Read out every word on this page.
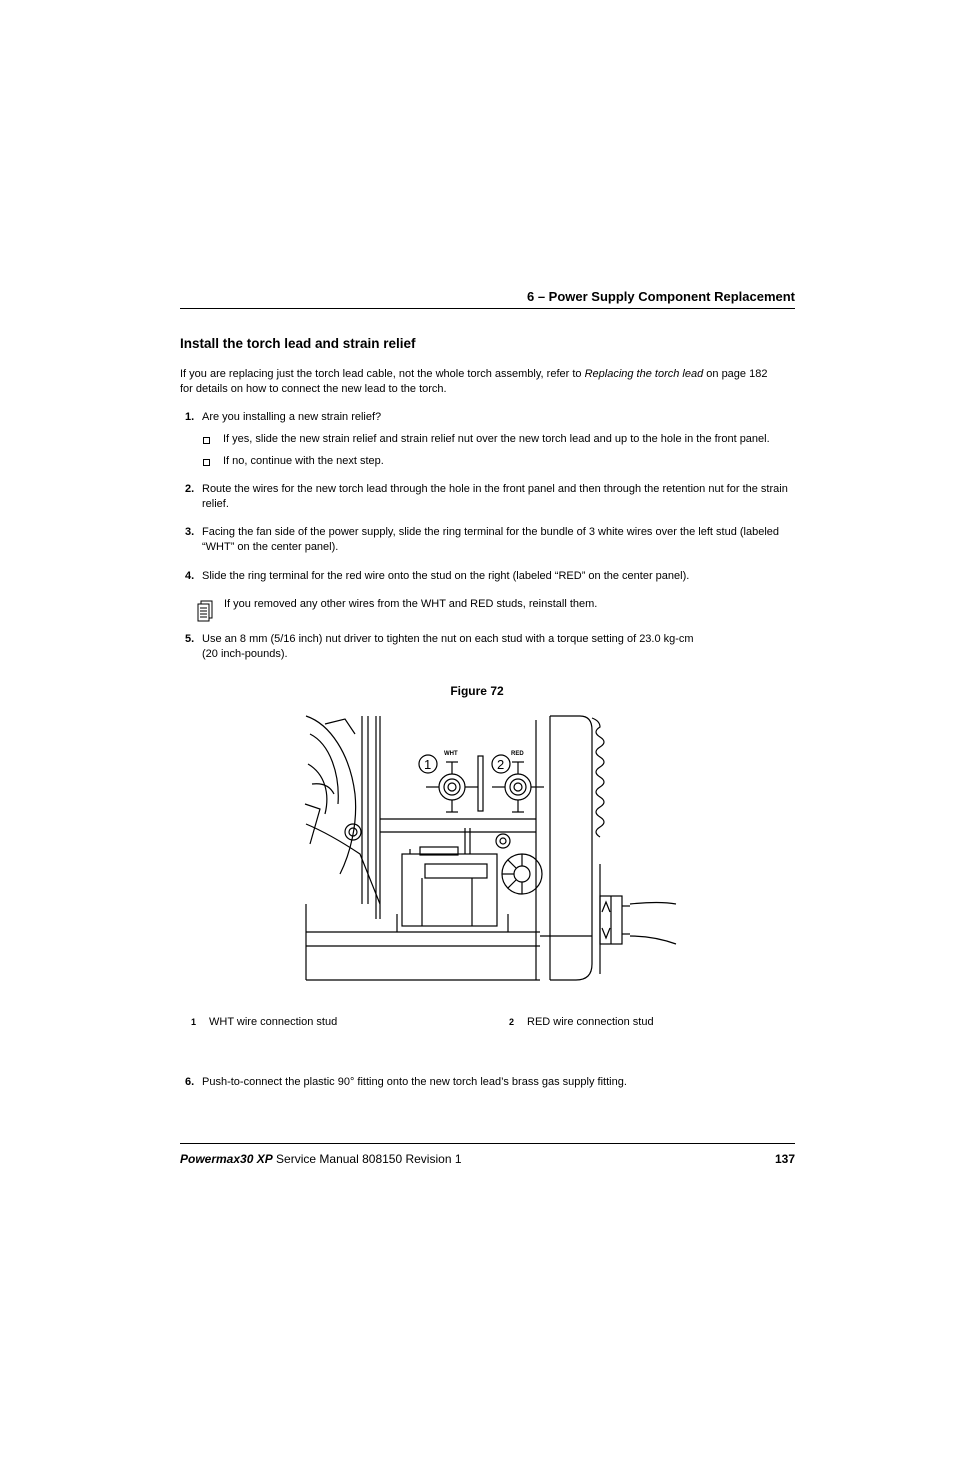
6 – Power Supply Component Replacement
Install the torch lead and strain relief
If you are replacing just the torch lead cable, not the whole torch assembly, refer to Replacing the torch lead on page 182
for details on how to connect the new lead to the torch.
1. Are you installing a new strain relief?
If yes, slide the new strain relief and strain relief nut over the new torch lead and up to the hole in the front panel.
If no, continue with the next step.
2. Route the wires for the new torch lead through the hole in the front panel and then through the retention nut for the strain relief.
3. Facing the fan side of the power supply, slide the ring terminal for the bundle of 3 white wires over the left stud (labeled “WHT” on the center panel).
4. Slide the ring terminal for the red wire onto the stud on the right (labeled “RED” on the center panel).
If you removed any other wires from the WHT and RED studs, reinstall them.
5. Use an 8 mm (5/16 inch) nut driver to tighten the nut on each stud with a torque setting of 23.0 kg-cm
(20 inch-pounds).
Figure 72
WHT	RED
1	2
1 WHT wire connection stud	2 RED wire connection stud
6. Push-to-connect the plastic 90° fitting onto the new torch lead’s brass gas supply fitting.
Powermax30 XP Service Manual 808150 Revision 1	137
